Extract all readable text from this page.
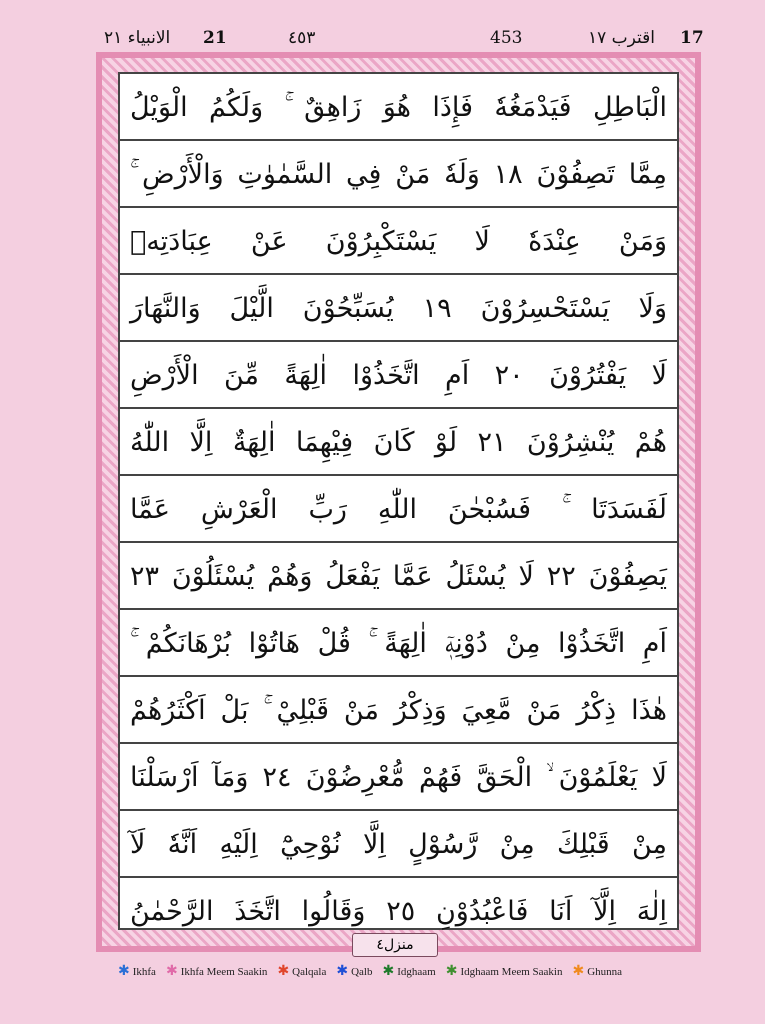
الانبياء ٢١ 21	٤٥٣	453	اقترب ١٧ 17
الْبَاطِلِ فَيَدْمَغُهٗ فَإِذَا هُوَ زَاهِقٌ ۚ وَلَكُمُ الْوَيْلُ
مِمَّا تَصِفُوْنَ ١٨ وَلَهٗ مَنْ فِي السَّمٰوٰتِ وَالْأَرْضِ ۚ
وَمَنْ عِنْدَهٗ لَا يَسْتَكْبِرُوْنَ عَنْ عِبَادَتِهٖ
وَلَا يَسْتَحْسِرُوْنَ ١٩ يُسَبِّحُوْنَ الَّيْلَ وَالنَّهَارَ
لَا يَفْتُرُوْنَ ٢٠ اَمِ اتَّخَذُوْا اٰلِهَةً مِّنَ الْأَرْضِ
هُمْ يُنْشِرُوْنَ ٢١ لَوْ كَانَ فِيْهِمَا اٰلِهَةٌ اِلَّا اللّٰهُ
لَفَسَدَتَا ۚ فَسُبْحٰنَ اللّٰهِ رَبِّ الْعَرْشِ عَمَّا
يَصِفُوْنَ ٢٢ لَا يُسْئَلُ عَمَّا يَفْعَلُ وَهُمْ يُسْئَلُوْنَ ٢٣
اَمِ اتَّخَذُوْا مِنْ دُوْنِهٖٓ اٰلِهَةً ۚ قُلْ هَاتُوْا بُرْهَانَكُمْ ۚ
هٰذَا ذِكْرُ مَنْ مَّعِيَ وَذِكْرُ مَنْ قَبْلِيْ ۚ بَلْ اَكْثَرُهُمْ
لَا يَعْلَمُوْنَ ۙ الْحَقَّ فَهُمْ مُّعْرِضُوْنَ ٢٤ وَمَآ اَرْسَلْنَا
مِنْ قَبْلِكَ مِنْ رَّسُوْلٍ اِلَّا نُوْحِيْٓ اِلَيْهِ اَنَّهٗ لَآ
اِلٰهَ اِلَّآ اَنَا فَاعْبُدُوْنِ ٢٥ وَقَالُوا اتَّخَذَ الرَّحْمٰنُ
منزل٤
✱ Ikhfa ✱ Ikhfa Meem Saakin ✱ Qalqala ✱ Qalb ✱ Idghaam ✱ Idghaam Meem Saakin ✱ Ghunna
